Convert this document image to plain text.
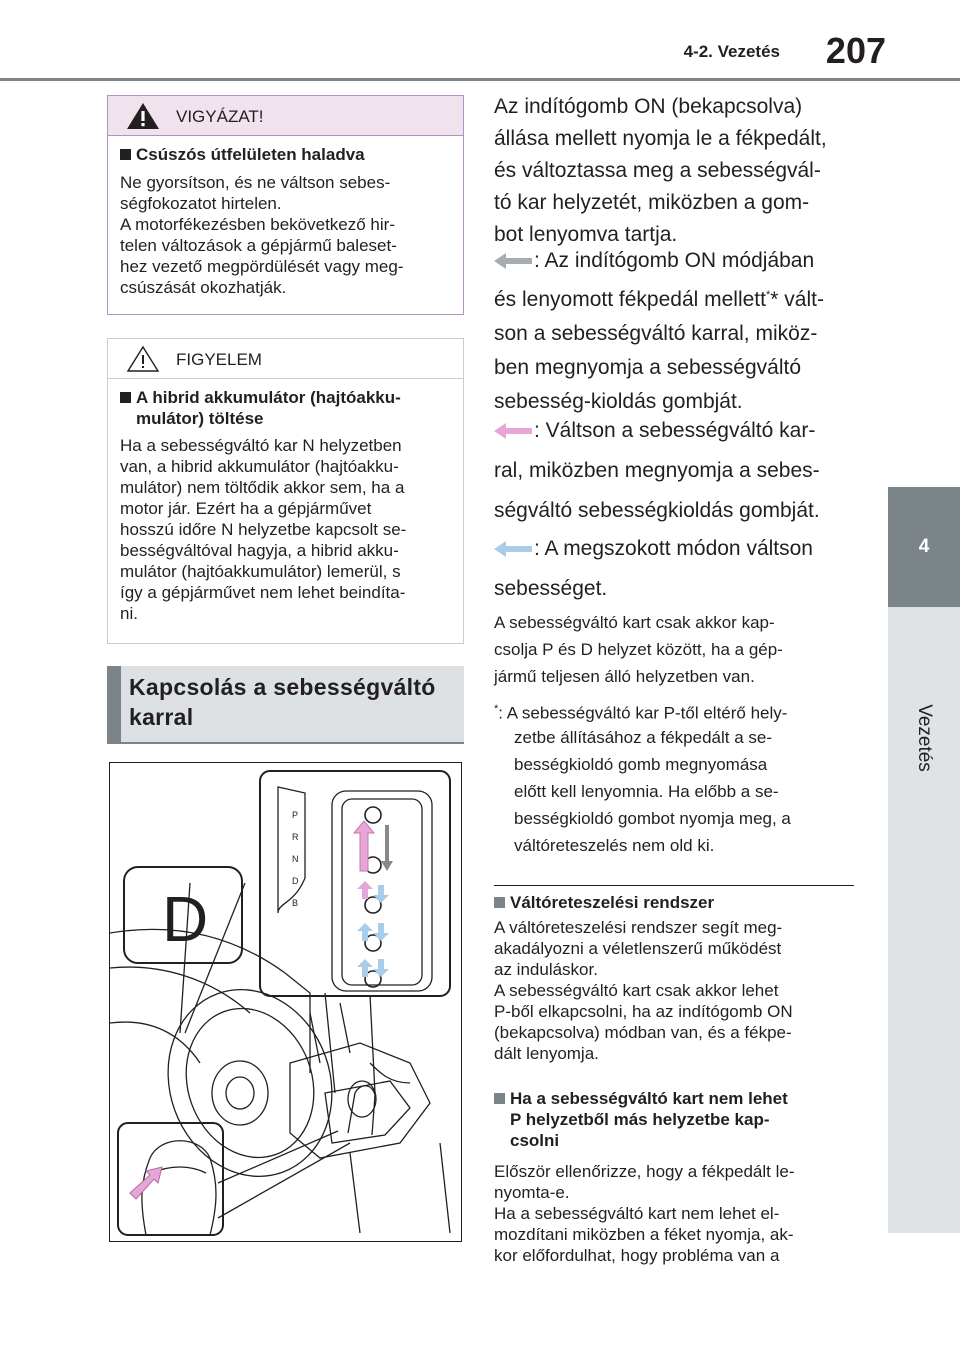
4-2. Vezetés 207
4
Vezetés
VIGYÁZAT!
Csúszós útfelületen haladva
Ne gyorsítson, és ne váltson sebes-
ségfokozatot hirtelen.
A motorfékezésben bekövetkező hir-
telen változások a gépjármű baleset-
hez vezető megpördülését vagy meg-
csúszását okozhatják.
FIGYELEM
A hibrid akkumulátor (hajtóakku-
mulátor) töltése
Ha a sebességváltó kar N helyzetben
van, a hibrid akkumulátor (hajtóakku-
mulátor) nem töltődik akkor sem, ha a
motor jár. Ezért ha a gépjárművet
hosszú időre N helyzetbe kapcsolt se-
bességváltóval hagyja, a hibrid akku-
mulátor (hajtóakkumulátor) lemerül, s
így a gépjárművet nem lehet beindíta-
ni.
Kapcsolás a sebességváltó
karral
P
R
N
D
B
D
Az indítógomb ON (bekapcsolva)
állása mellett nyomja le a fékpedált,
és változtassa meg a sebességvál-
tó kar helyzetét, miközben a gom-
bot lenyomva tartja.
: Az indítógomb ON módjában
és lenyomott fékpedál mellett** vált-
son a sebességváltó karral, miköz-
ben megnyomja a sebességváltó
sebesség-kioldás gombját.
: Váltson a sebességváltó kar-
ral, miközben megnyomja a sebes-
ségváltó sebességkioldás gombját.
: A megszokott módon váltson
sebességet.
A sebességváltó kart csak akkor kap-
csolja P és D helyzet között, ha a gép-
jármű teljesen álló helyzetben van.
*: A sebességváltó kar P-től eltérő hely-
zetbe állításához a fékpedált a se-
bességkioldó gomb megnyomása
előtt kell lenyomnia. Ha előbb a se-
bességkioldó gombot nyomja meg, a
váltóreteszelés nem old ki.
Váltóreteszelési rendszer
A váltóreteszelési rendszer segít meg-
akadályozni a véletlenszerű működést
az induláskor.
A sebességváltó kart csak akkor lehet
P-ből elkapcsolni, ha az indítógomb ON
(bekapcsolva) módban van, és a fékpe-
dált lenyomja.
Ha a sebességváltó kart nem lehet
P helyzetből más helyzetbe kap-
csolni
Először ellenőrizze, hogy a fékpedált le-
nyomta-e.
Ha a sebességváltó kart nem lehet el-
mozdítani miközben a féket nyomja, ak-
kor előfordulhat, hogy probléma van a
